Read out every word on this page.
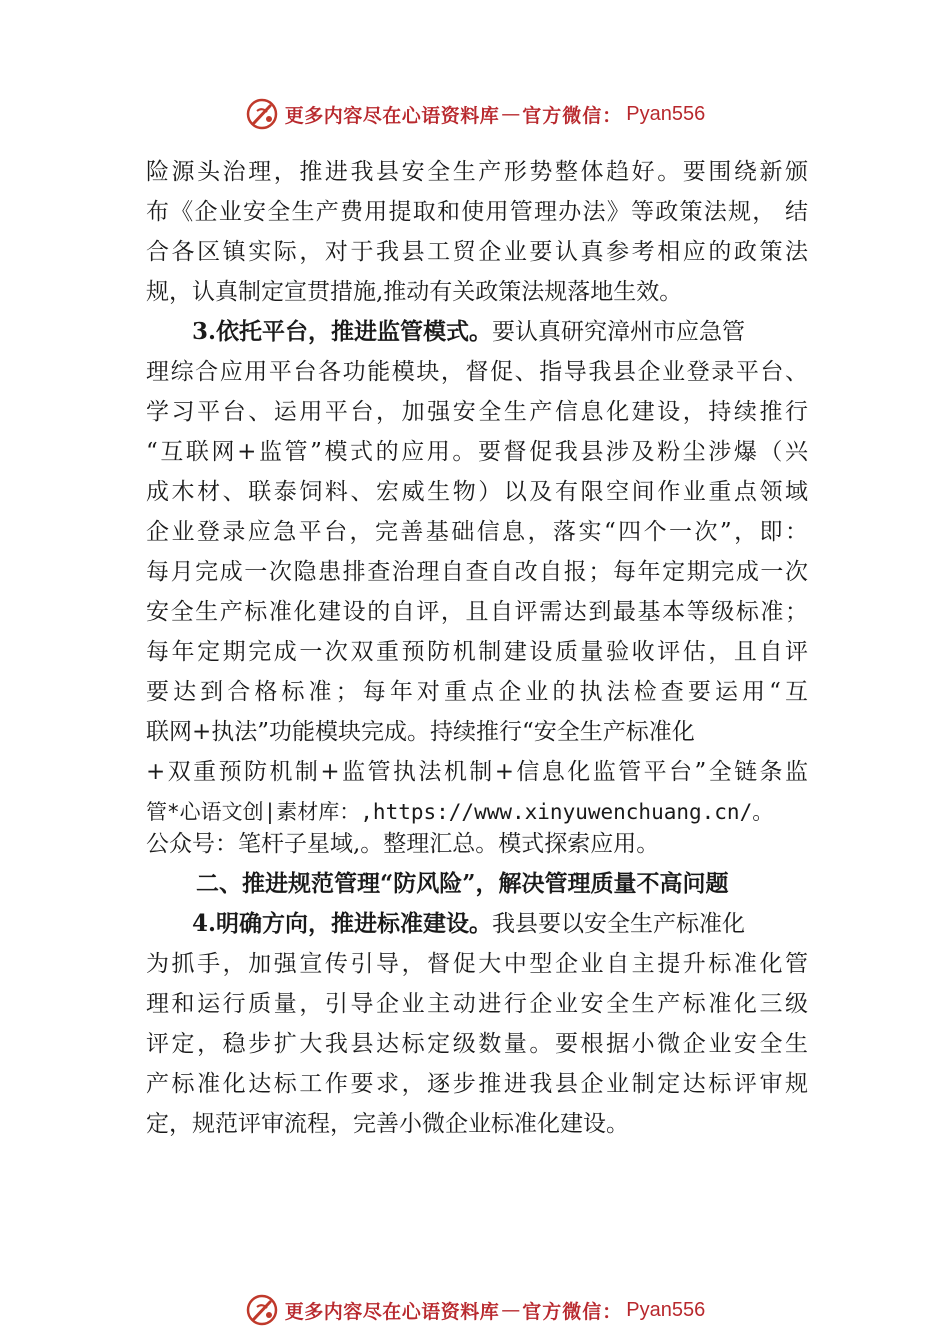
更多内容尽在心语资料库 — 官方微信： Pyan556
险源头治理，推进我县安全生产形势整体趋好。要围绕新颁
布《企业安全生产费用提取和使用管理办法》等政策法规， 结
合各区镇实际，对于我县工贸企业要认真参考相应的政策法
规，认真制定宣贯措施,推动有关政策法规落地生效。
3.依托平台，推进监管模式。要认真研究漳州市应急管
理综合应用平台各功能模块，督促、指导我县企业登录平台、
学习平台、运用平台，加强安全生产信息化建设，持续推行
“互联网+监管”模式的应用。要督促我县涉及粉尘涉爆（兴
成木材、联泰饲料、宏威生物）以及有限空间作业重点领域
企业登录应急平台，完善基础信息，落实“四个一次”，即：
每月完成一次隐患排查治理自查自改自报；每年定期完成一次
安全生产标准化建设的自评，且自评需达到最基本等级标准；
每年定期完成一次双重预防机制建设质量验收评估，且自评
要达到合格标准；每年对重点企业的执法检查要运用“互
联网+执法”功能模块完成。持续推行“安全生产标准化
+双重预防机制+监管执法机制+信息化监管平台”全链条监
管*心语文创|素材库：,https://www.xinyuwenchuang.cn/。
公众号：笔杆子星域,。整理汇总。模式探索应用。
二、推进规范管理“防风险”，解决管理质量不高问题
4.明确方向，推进标准建设。我县要以安全生产标准化
为抓手，加强宣传引导，督促大中型企业自主提升标准化管
理和运行质量，引导企业主动进行企业安全生产标准化三级
评定，稳步扩大我县达标定级数量。要根据小微企业安全生
产标准化达标工作要求，逐步推进我县企业制定达标评审规
定，规范评审流程，完善小微企业标准化建设。
更多内容尽在心语资料库 — 官方微信： Pyan556
